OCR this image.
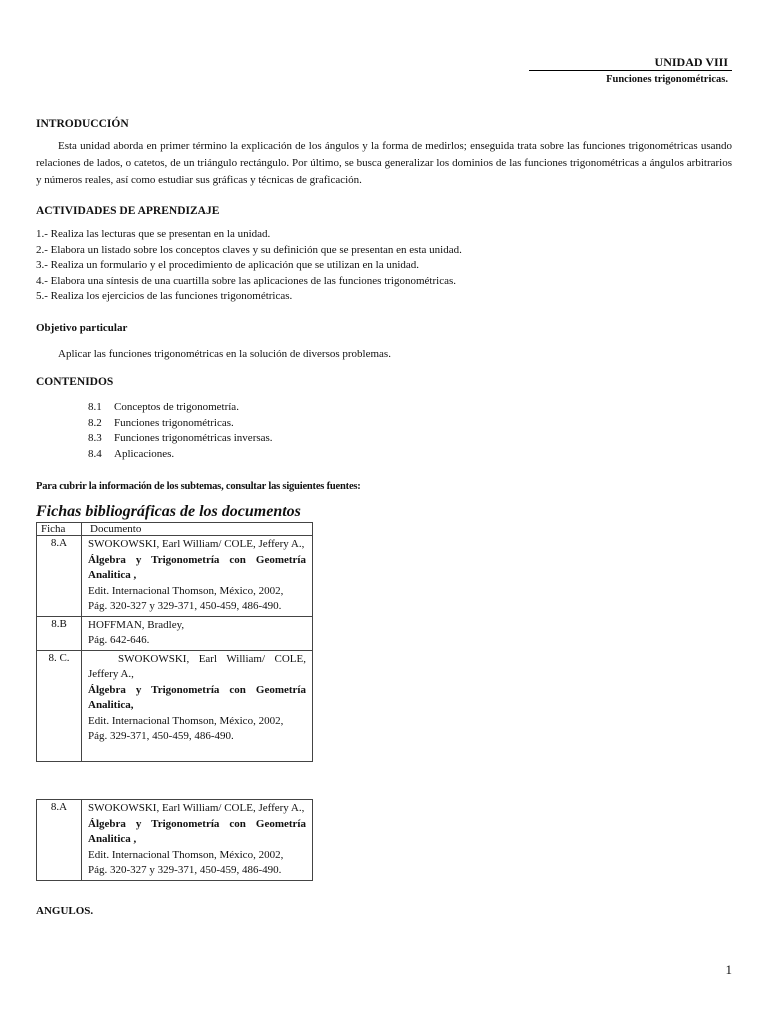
UNIDAD VIII
Funciones trigonométricas.
INTRODUCCIÓN
Esta unidad aborda en primer término la explicación de los ángulos y la forma de medirlos; enseguida trata sobre las funciones trigonométricas usando relaciones de lados, o catetos, de un triángulo rectángulo. Por último, se busca generalizar los dominios de las funciones trigonométricas a ángulos arbitrarios y números reales, así como estudiar sus gráficas y técnicas de graficación.
ACTIVIDADES DE APRENDIZAJE
1.- Realiza las lecturas que se presentan en la unidad.
2.- Elabora un listado sobre los conceptos claves y su definición que se presentan en esta unidad.
3.- Realiza un formulario y el procedimiento de aplicación que se utilizan en la unidad.
4.- Elabora una síntesis de una cuartilla sobre las aplicaciones de las funciones trigonométricas.
5.- Realiza los ejercicios de las funciones trigonométricas.
Objetivo particular
Aplicar las funciones trigonométricas en la solución de diversos problemas.
CONTENIDOS
8.1 Conceptos de trigonometría.
8.2 Funciones trigonométricas.
8.3 Funciones trigonométricas inversas.
8.4 Aplicaciones.
Para cubrir la información de los subtemas, consultar las siguientes fuentes:
Fichas bibliográficas de los documentos
Ficha	Documento
8.A	SWOKOWSKI, Earl William/ COLE, Jeffery A.,
Álgebra y Trigonometría con Geometría Analitica ,
Edit. Internacional Thomson, México, 2002,
Pág. 320-327 y 329-371, 450-459, 486-490.

8.B	HOFFMAN, Bradley,
Pág. 642-646.

8. C.	SWOKOWSKI, Earl William/ COLE, Jeffery A.,
Álgebra y Trigonometría con Geometría Analitica,
Edit. Internacional Thomson, México, 2002,
Pág. 329-371, 450-459, 486-490.
8.A	SWOKOWSKI, Earl William/ COLE, Jeffery A.,
Álgebra y Trigonometría con Geometría Analitica ,
Edit. Internacional Thomson, México, 2002,
Pág. 320-327 y 329-371, 450-459, 486-490.
ANGULOS.
1
